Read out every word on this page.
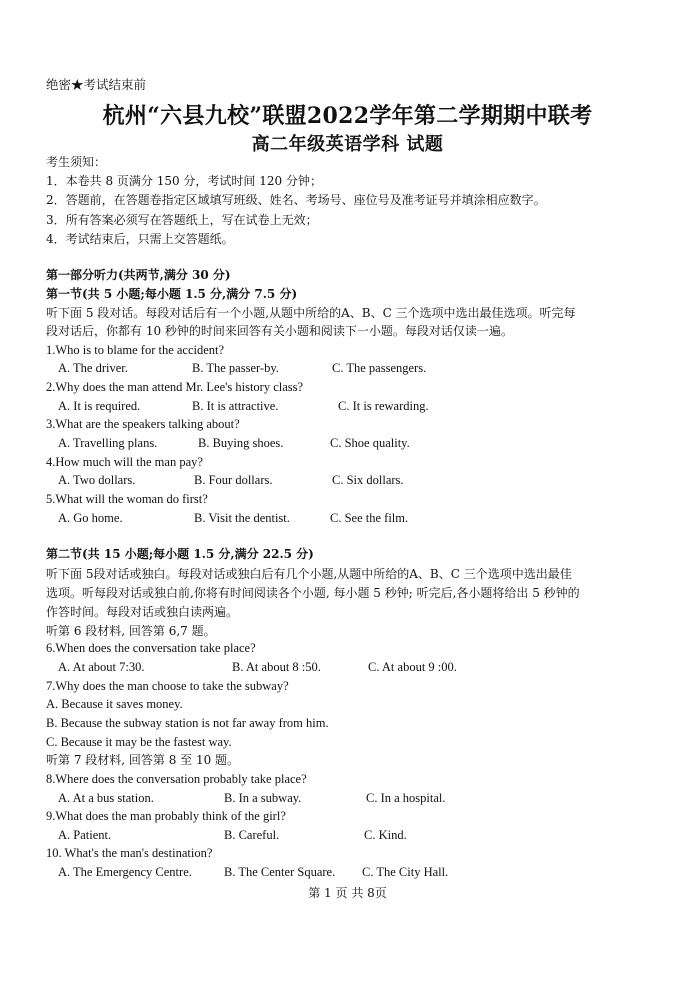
绝密★考试结束前
杭州“六县九校”联盟2022学年第二学期期中联考
高二年级英语学科 试题
考生须知：
1．本卷共 8 页满分 150 分，考试时间 120 分钟；
2．答题前，在答题卷指定区域填写班级、姓名、考场号、座位号及准考证号并填涂相应数字。
3．所有答案必须写在答题纸上，写在试卷上无效；
4．考试结束后，只需上交答题纸。
第一部分听力(共两节,满分 30 分)
第一节(共 5 小题;每小题 1.5 分,满分 7.5 分)
听下面 5 段对话。每段对话后有一个小题,从题中所给的A、B、C 三个选项中选出最佳选项。听完每
段对话后，你都有 10 秒钟的时间来回答有关小题和阅读下一小题。每段对话仅读一遍。
1.Who is to blame for the accident?
A. The driver.	B. The passer-by.	C. The passengers.
2.Why does the man attend Mr. Lee's history class?
A. It is required.	B. It is attractive.	C. It is rewarding.
3.What are the speakers talking about?
A. Travelling plans.	B. Buying shoes.	C. Shoe quality.
4.How much will the man pay?
A. Two dollars.	B. Four dollars.	C. Six dollars.
5.What will the woman do first?
A. Go home.	B. Visit the dentist.	C. See the film.
第二节(共 15 小题;每小题 1.5 分,满分 22.5 分)
听下面 5段对话或独白。每段对话或独白后有几个小题,从题中所给的A、B、C 三个选项中选出最佳
选项。听每段对话或独白前,你将有时间阅读各个小题, 每小题 5 秒钟; 听完后,各小题将给出 5 秒钟的
作答时间。每段对话或独白读两遍。
听第 6 段材料, 回答第 6,7 题。
6.When does the conversation take place?
A. At about 7:30.	B. At about 8 :50.	C. At about 9 :00.
7.Why does the man choose to take the subway?
A. Because it saves money.
B. Because the subway station is not far away from him.
C. Because it may be the fastest way.
听第 7 段材料, 回答第 8 至 10 题。
8.Where does the conversation probably take place?
A. At a bus station.	B. In a subway.	C. In a hospital.
9.What does the man probably think of the girl?
A. Patient.	B. Careful.	C. Kind.
10. What's the man's destination?
A. The Emergency Centre.	B. The Center Square. C. The City Hall.
第 1 页 共 8页
